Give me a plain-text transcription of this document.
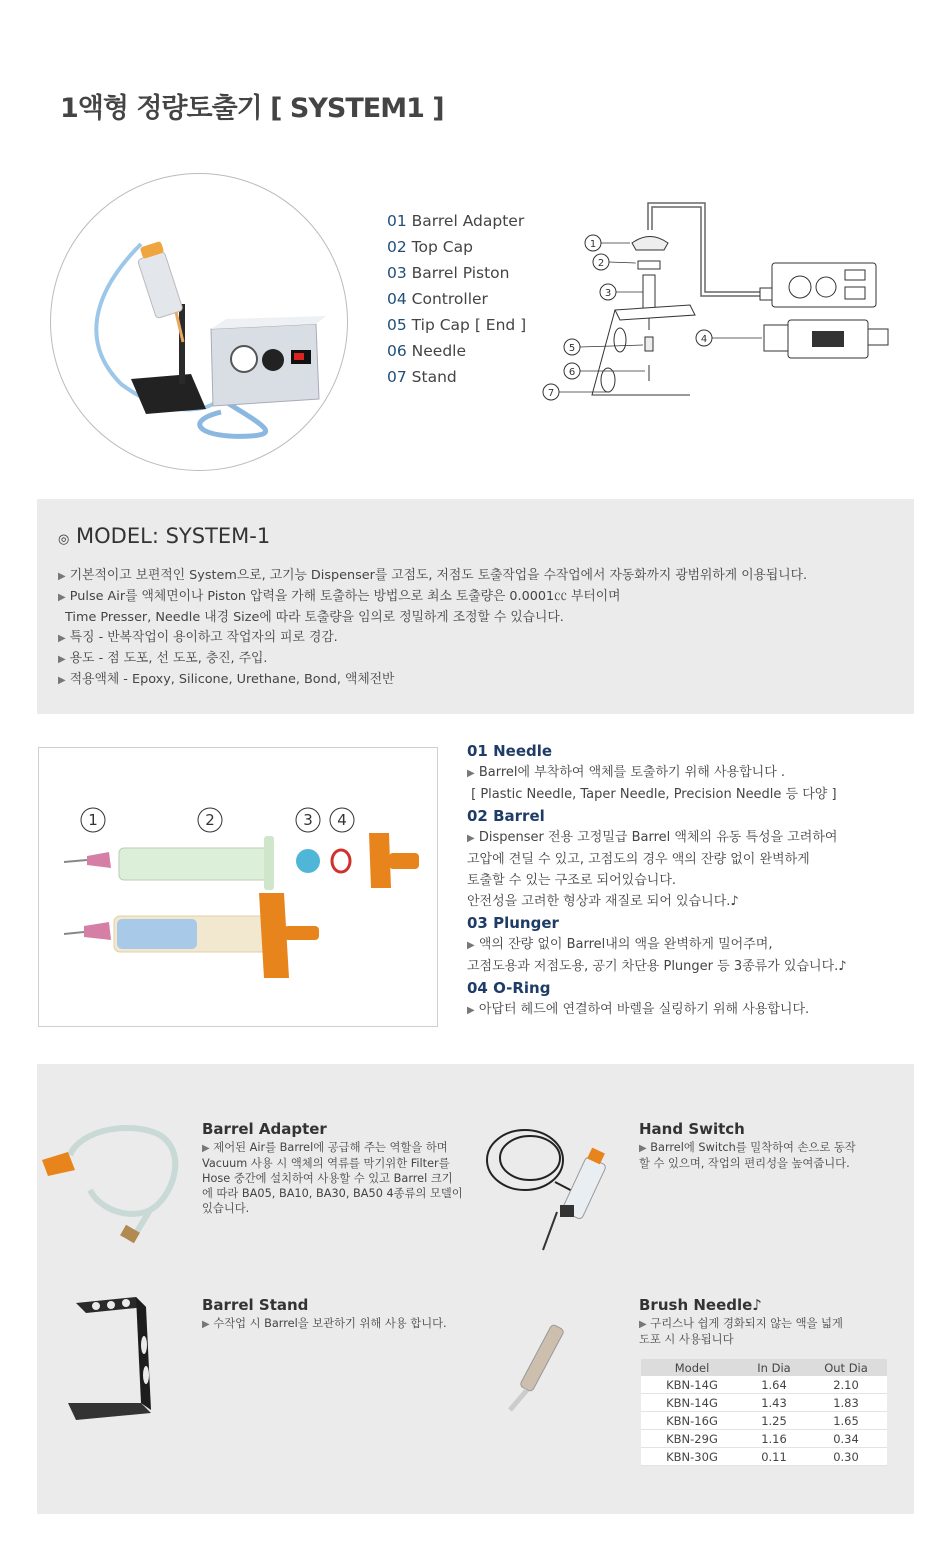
1액형 정량토출기 [ SYSTEM1 ]
01 Barrel Adapter
02 Top Cap
03 Barrel Piston
04 Controller
05 Tip Cap [ End ]
06 Needle
07 Stand
1
2
3
4
5
6
7
◎ MODEL: SYSTEM-1
▶ 기본적이고 보편적인 System으로, 고기능 Dispenser를 고점도, 저점도 토출작업을 수작업에서 자동화까지 광범위하게 이용됩니다.
▶ Pulse Air를 액체면이나 Piston 압력을 가해 토출하는 방법으로 최소 토출량은 0.0001㏄ 부터이며
Time Presser, Needle 내경 Size에 따라 토출량을 임의로 정밀하게 조정할 수 있습니다.
▶ 특징 - 반복작업이 용이하고 작업자의 피로 경감.
▶ 용도 - 점 도포, 선 도포, 충진, 주입.
▶ 적용액체 - Epoxy, Silicone, Urethane, Bond, 액체전반
1	2	3 4
01 Needle
▶ Barrel에 부착하여 액체를 토출하기 위해 사용합니다 .
[ Plastic Needle, Taper Needle, Precision Needle 등 다양 ]
02 Barrel
▶ Dispenser 전용 고정밀급 Barrel 액체의 유동 특성을 고려하여
고압에 견딜 수 있고, 고점도의 경우 액의 잔량 없이 완벽하게
토출할 수 있는 구조로 되어있습니다.
안전성을 고려한 형상과 재질로 되어 있습니다.♪
03 Plunger
▶ 액의 잔량 없이 Barrel내의 액을 완벽하게 밀어주며,
고점도용과 저점도용, 공기 차단용 Plunger 등 3종류가 있습니다.♪
04 O-Ring
▶ 아답터 헤드에 연결하여 바렐을 실링하기 위해 사용합니다.
Barrel Adapter
▶ 제어된 Air를 Barrel에 공급해 주는 역할을 하며
Vacuum 사용 시 액체의 역류를 막기위한 Filter를
Hose 중간에 설치하여 사용할 수 있고 Barrel 크기
에 따라 BA05, BA10, BA30, BA50 4종류의 모델이
있습니다.
Hand Switch
▶ Barrel에 Switch를 밀착하여 손으로 동작
할 수 있으며, 작업의 편리성을 높여줍니다.
Barrel Stand
▶ 수작업 시 Barrel을 보관하기 위해 사용 합니다.
Brush Needle♪
▶ 구리스나 쉽게 경화되지 않는 액을 넓게
도포 시 사용됩니다
Model	In Dia	Out Dia
KBN-14G	1.64	2.10
KBN-14G	1.43	1.83
KBN-16G	1.25	1.65
KBN-29G	1.16	0.34
KBN-30G	0.11	0.30
